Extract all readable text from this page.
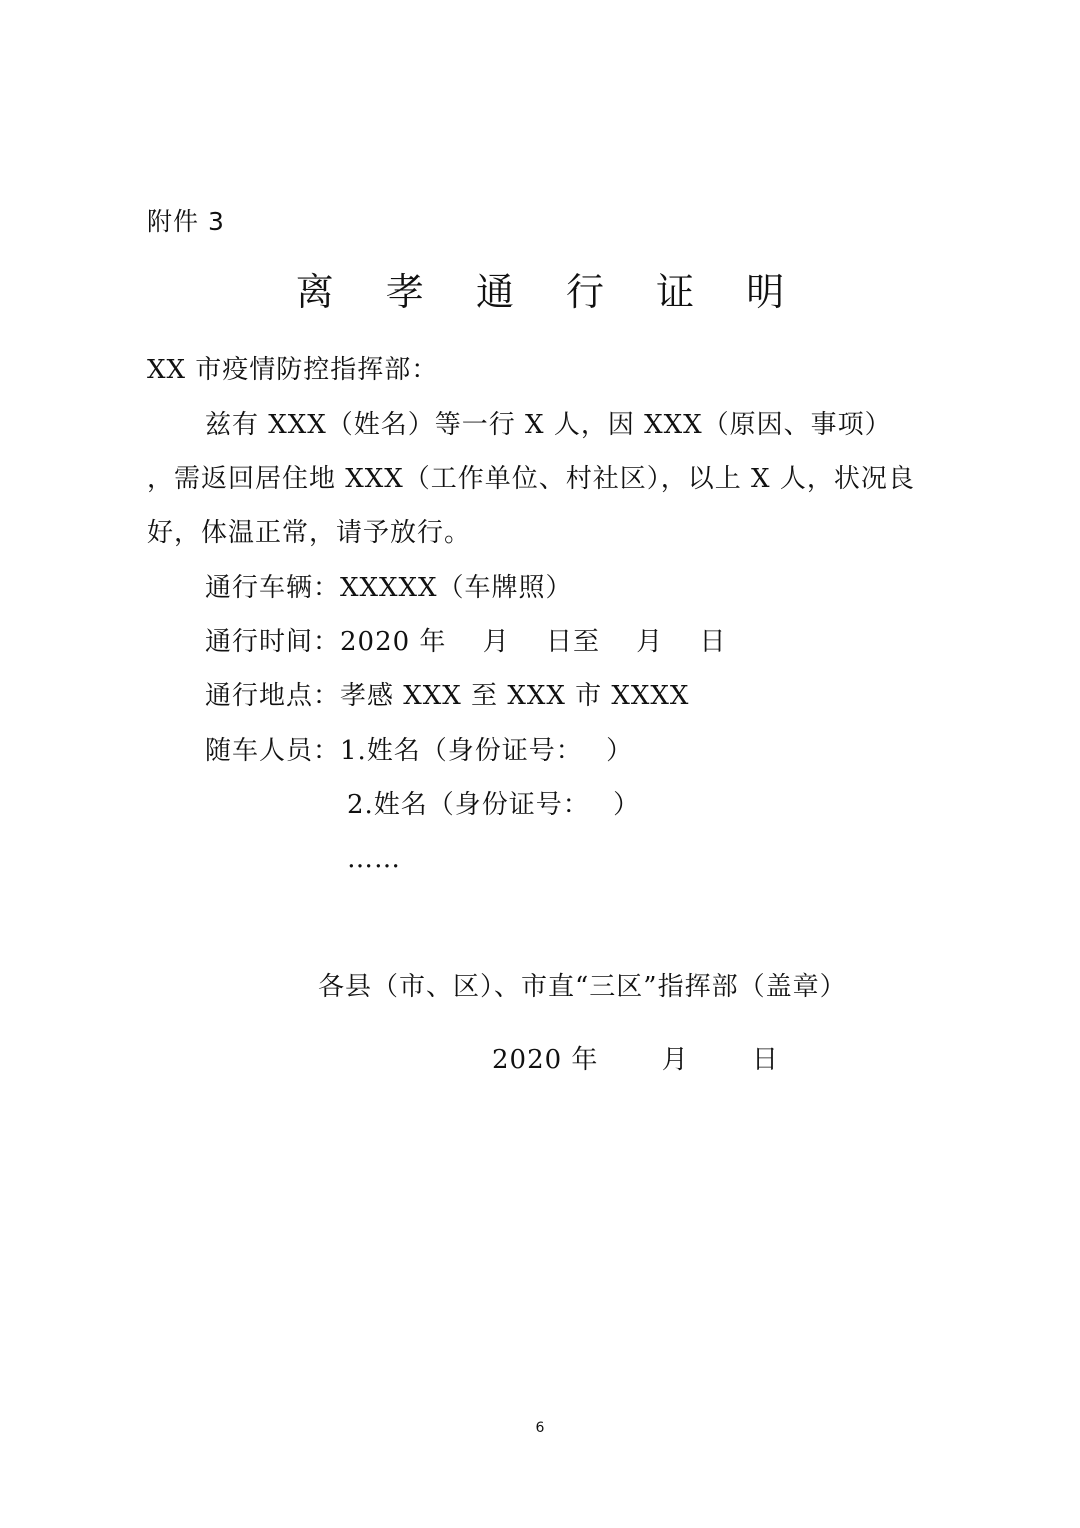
附件 3
离 孝 通 行 证 明
XX 市疫情防控指挥部：
兹有 XXX（姓名）等一行 X 人，因 XXX（原因、事项）
，需返回居住地 XXX（工作单位、村社区），以上 X 人，状况良
好，体温正常，请予放行。
通行车辆：XXXXX（车牌照）
通行时间：2020 年　 月　 日至　 月　 日
通行地点：孝感 XXX 至 XXX 市 XXXX
随车人员：1.姓名（身份证号：　 ）
2.姓名（身份证号：　 ）
……
各县（市、区）、市直“三区”指挥部（盖章）
2020 年　　 月　　 日
6
